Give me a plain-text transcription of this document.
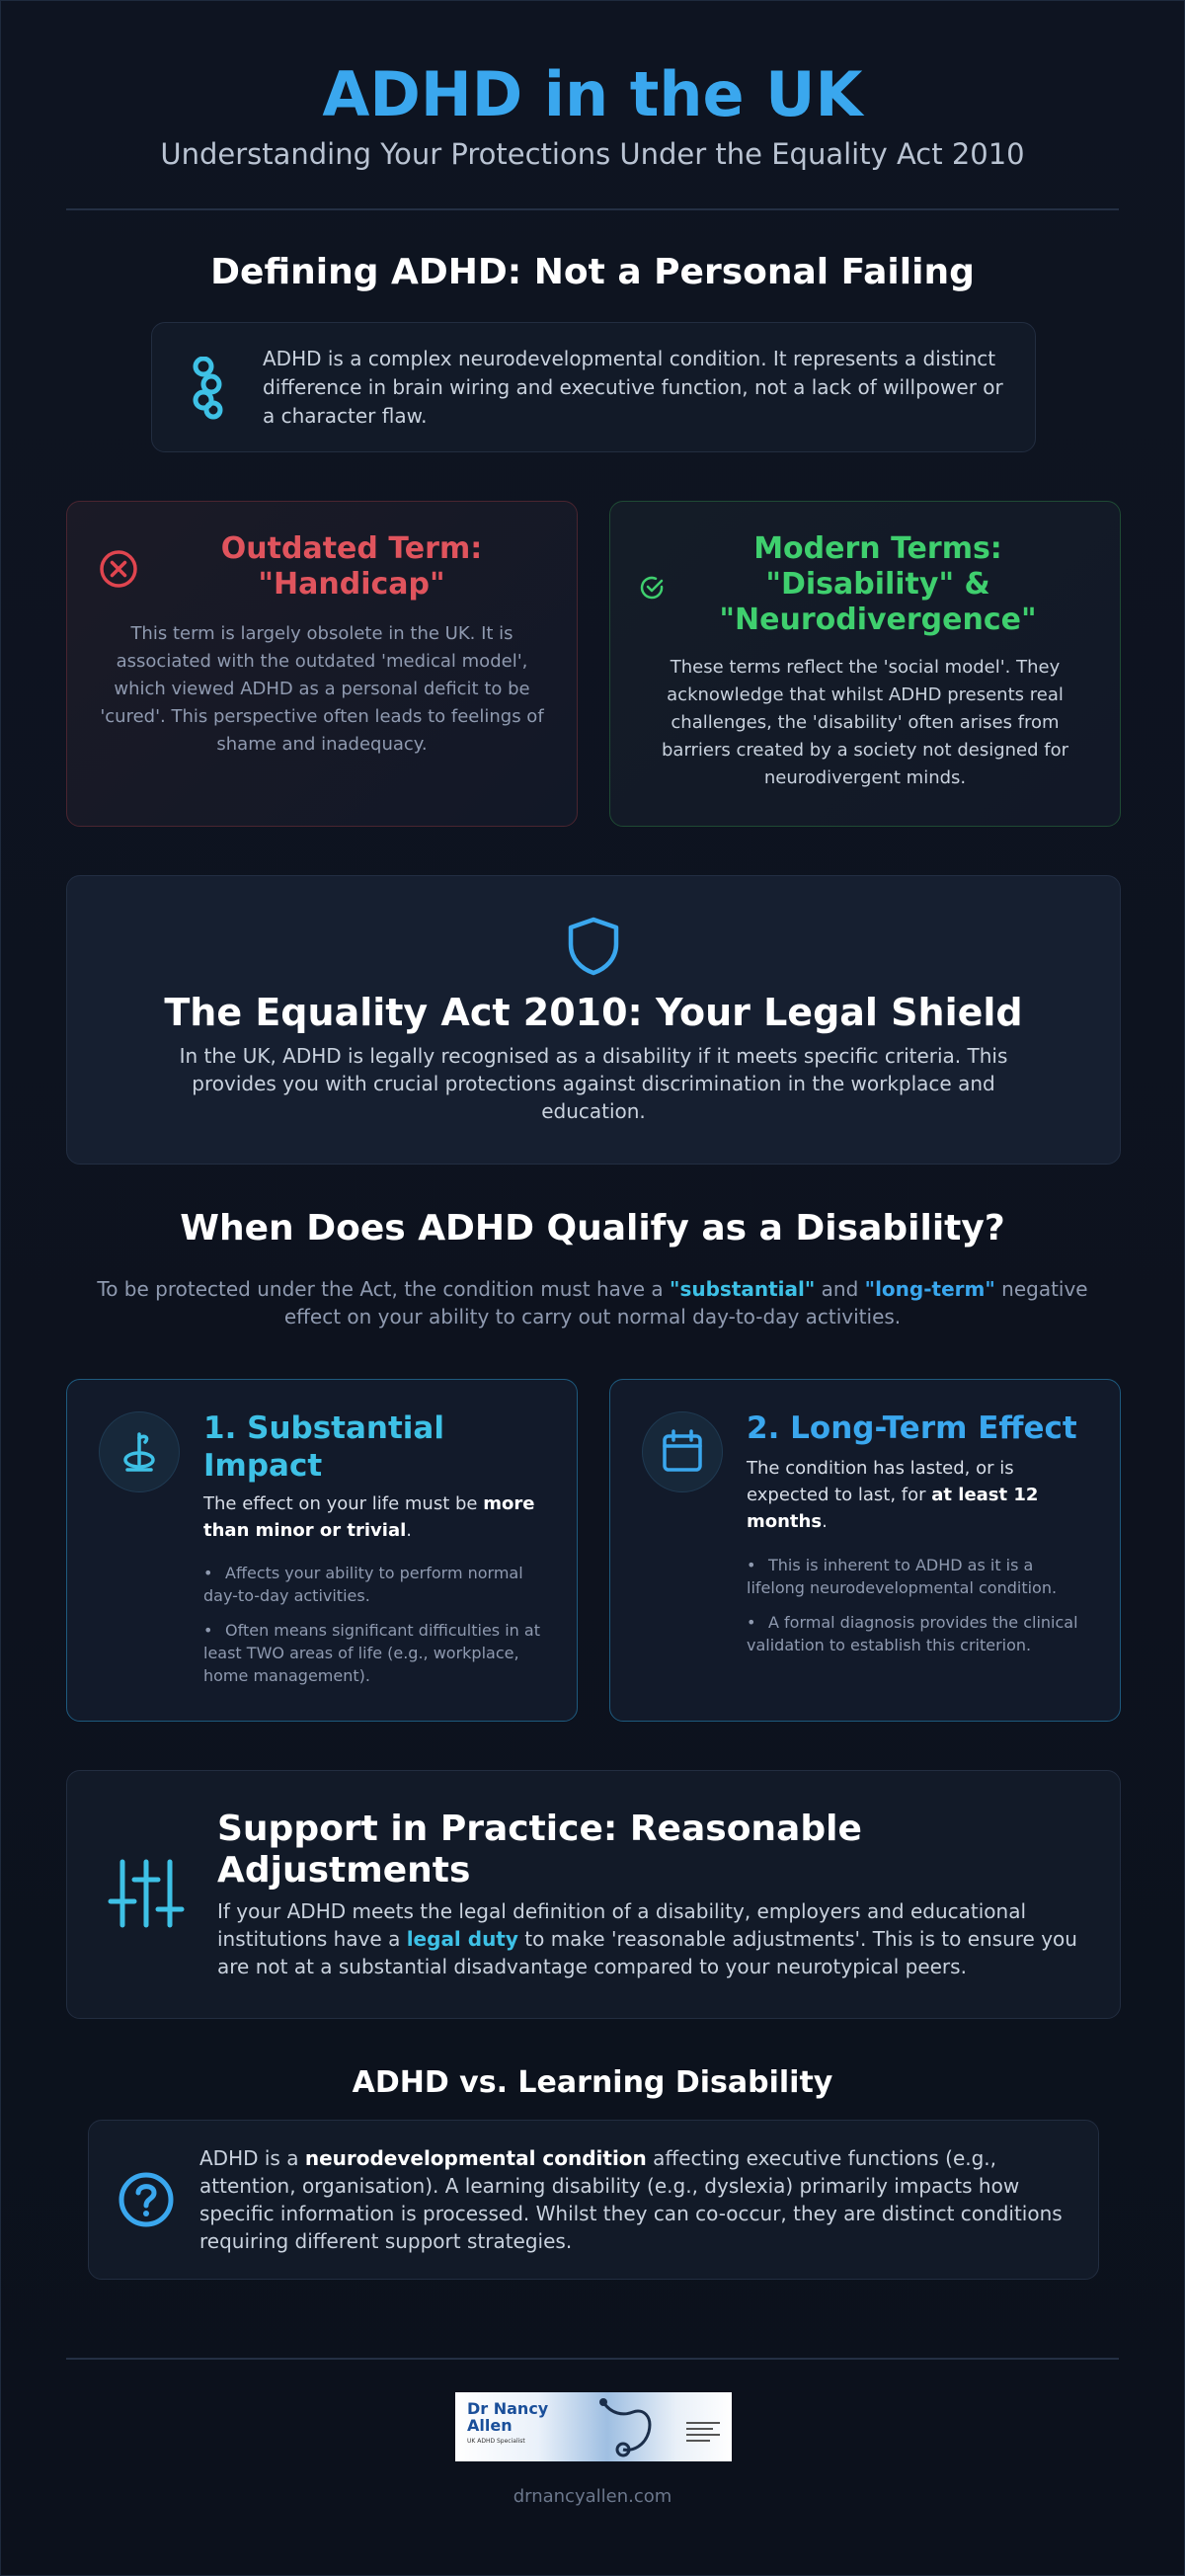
ADHD in the UK
Understanding Your Protections Under the Equality Act 2010
Defining ADHD: Not a Personal Failing
ADHD is a complex neurodevelopmental condition. It represents a distinct difference in brain wiring and executive function, not a lack of willpower or a character flaw.
Outdated Term: "Handicap"
This term is largely obsolete in the UK. It is associated with the outdated 'medical model', which viewed ADHD as a personal deficit to be 'cured'. This perspective often leads to feelings of shame and inadequacy.
Modern Terms: "Disability" & "Neurodivergence"
These terms reflect the 'social model'. They acknowledge that whilst ADHD presents real challenges, the 'disability' often arises from barriers created by a society not designed for neurodivergent minds.
The Equality Act 2010: Your Legal Shield
In the UK, ADHD is legally recognised as a disability if it meets specific criteria. This provides you with crucial protections against discrimination in the workplace and education.
When Does ADHD Qualify as a Disability?
To be protected under the Act, the condition must have a "substantial" and "long-term" negative effect on your ability to carry out normal day-to-day activities.
1. Substantial Impact
The effect on your life must be more than minor or trivial.
• Affects your ability to perform normal day-to-day activities.
• Often means significant difficulties in at least TWO areas of life (e.g., workplace, home management).
2. Long-Term Effect
The condition has lasted, or is expected to last, for at least 12 months.
• This is inherent to ADHD as it is a lifelong neurodevelopmental condition.
• A formal diagnosis provides the clinical validation to establish this criterion.
Support in Practice: Reasonable Adjustments
If your ADHD meets the legal definition of a disability, employers and educational institutions have a legal duty to make 'reasonable adjustments'. This is to ensure you are not at a substantial disadvantage compared to your neurotypical peers.
ADHD vs. Learning Disability
ADHD is a neurodevelopmental condition affecting executive functions (e.g., attention, organisation). A learning disability (e.g., dyslexia) primarily impacts how specific information is processed. Whilst they can co-occur, they are distinct conditions requiring different support strategies.
Dr Nancy
Allen
UK ADHD Specialist
drnancyallen.com
